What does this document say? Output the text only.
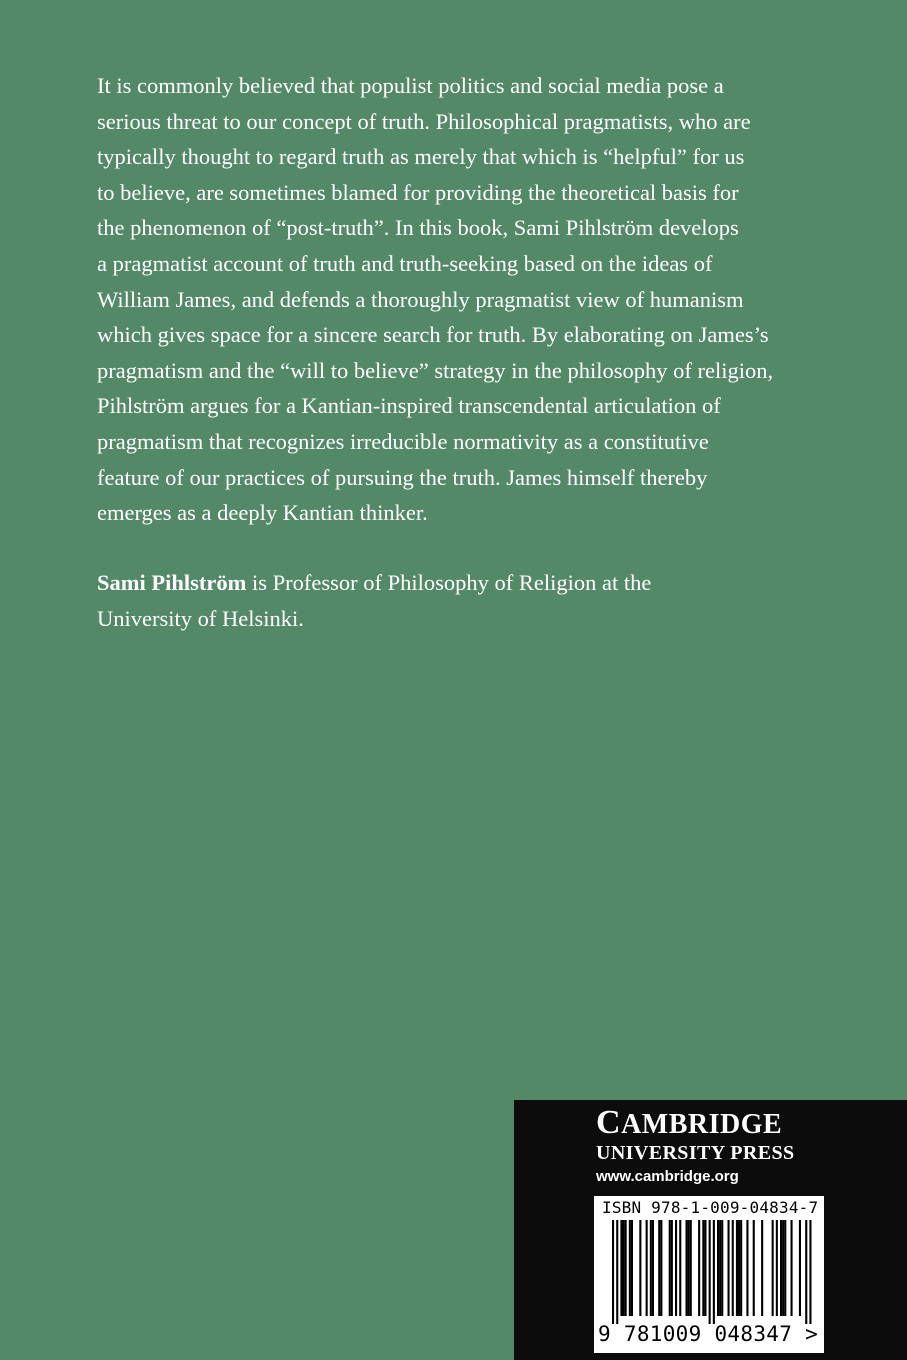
It is commonly believed that populist politics and social media pose a
serious threat to our concept of truth. Philosophical pragmatists, who are
typically thought to regard truth as merely that which is “helpful” for us
to believe, are sometimes blamed for providing the theoretical basis for
the phenomenon of “post-truth”. In this book, Sami Pihlström develops
a pragmatist account of truth and truth-seeking based on the ideas of
William James, and defends a thoroughly pragmatist view of humanism
which gives space for a sincere search for truth. By elaborating on James’s
pragmatism and the “will to believe” strategy in the philosophy of religion,
Pihlström argues for a Kantian-inspired transcendental articulation of
pragmatism that recognizes irreducible normativity as a constitutive
feature of our practices of pursuing the truth. James himself thereby
emerges as a deeply Kantian thinker.
Sami Pihlström is Professor of Philosophy of Religion at the
University of Helsinki.
CAMBRIDGE
UNIVERSITY PRESS
www.cambridge.org
ISBN 978-1-009-04834-7
9 781009 048347 >
